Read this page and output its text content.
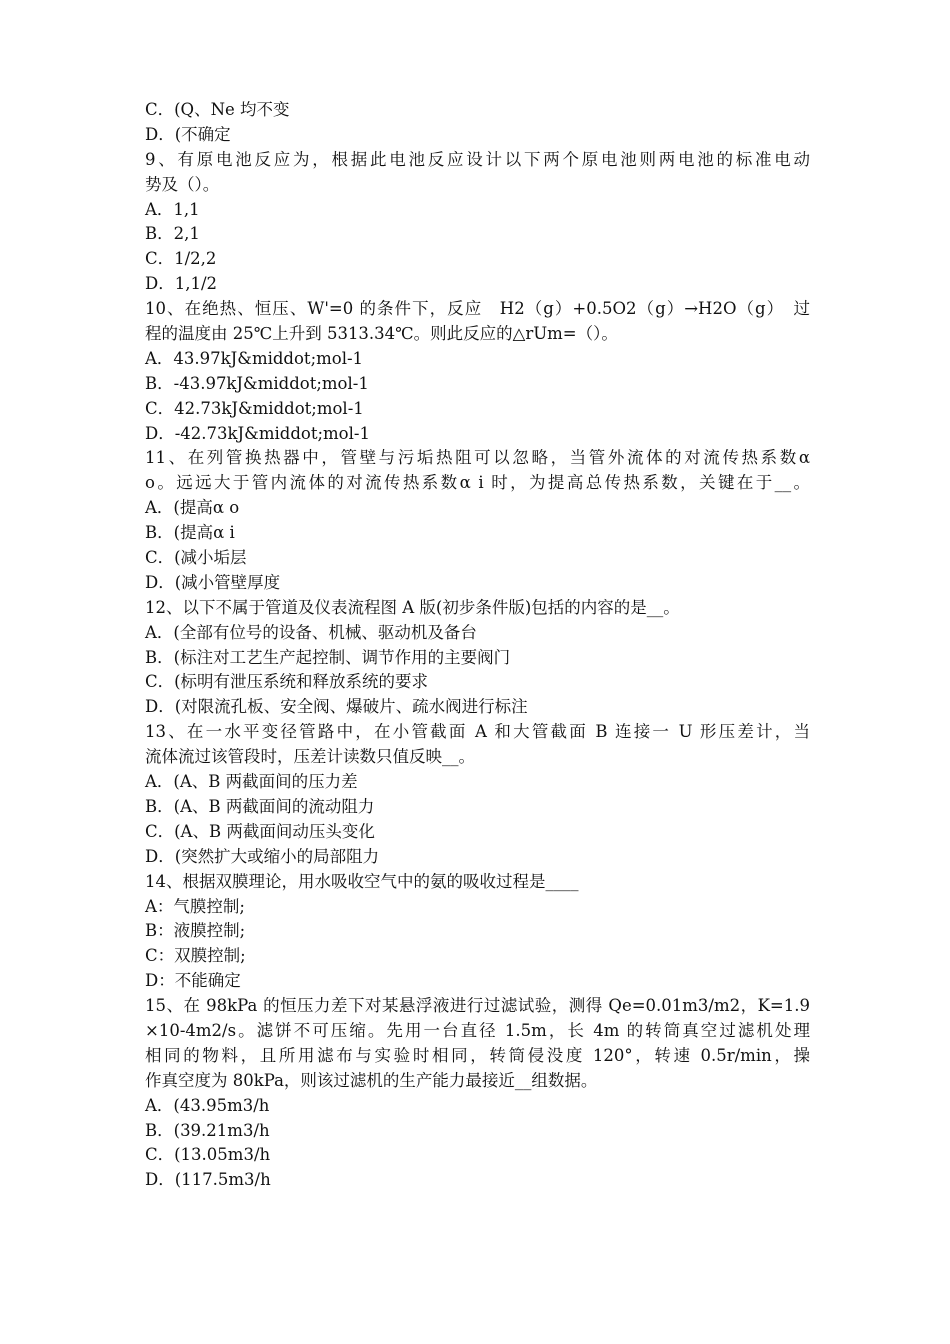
C．(Q、Ne 均不变
D．(不确定
9、有原电池反应为，根据此电池反应设计以下两个原电池则两电池的标准电动
势及（）。
A．1,1
B．2,1
C．1/2,2
D．1,1/2
10、在绝热、恒压、W'=0 的条件下，反应　H2（g）+0.5O2（g）→H2O（g）　过
程的温度由 25℃上升到 5313.34℃。则此反应的△rUm=（）。
A．43.97kJ&middot;mol-1
B．-43.97kJ&middot;mol-1
C．42.73kJ&middot;mol-1
D．-42.73kJ&middot;mol-1
11、在列管换热器中，管壁与污垢热阻可以忽略，当管外流体的对流传热系数α
o。远远大于管内流体的对流传热系数α i 时，为提高总传热系数，关键在于__。
A．(提高α o
B．(提高α i
C．(减小垢层
D．(减小管壁厚度
12、以下不属于管道及仪表流程图 A 版(初步条件版)包括的内容的是__。
A．(全部有位号的设备、机械、驱动机及备台
B．(标注对工艺生产起控制、调节作用的主要阀门
C．(标明有泄压系统和释放系统的要求
D．(对限流孔板、安全阀、爆破片、疏水阀进行标注
13、在一水平变径管路中，在小管截面 A 和大管截面 B 连接一 U 形压差计，当
流体流过该管段时，压差计读数只值反映__。
A．(A、B 两截面间的压力差
B．(A、B 两截面间的流动阻力
C．(A、B 两截面间动压头变化
D．(突然扩大或缩小的局部阻力
14、根据双膜理论，用水吸收空气中的氨的吸收过程是____
A：气膜控制;
B：液膜控制;
C：双膜控制;
D：不能确定
15、在 98kPa 的恒压力差下对某悬浮液进行过滤试验，测得 Qe=0.01m3/m2，K=1.9
×10-4m2/s。滤饼不可压缩。先用一台直径 1.5m，长 4m 的转筒真空过滤机处理
相同的物料，且所用滤布与实验时相同，转筒侵没度 120°，转速 0.5r/min，操
作真空度为 80kPa，则该过滤机的生产能力最接近__组数据。
A．(43.95m3/h
B．(39.21m3/h
C．(13.05m3/h
D．(117.5m3/h
